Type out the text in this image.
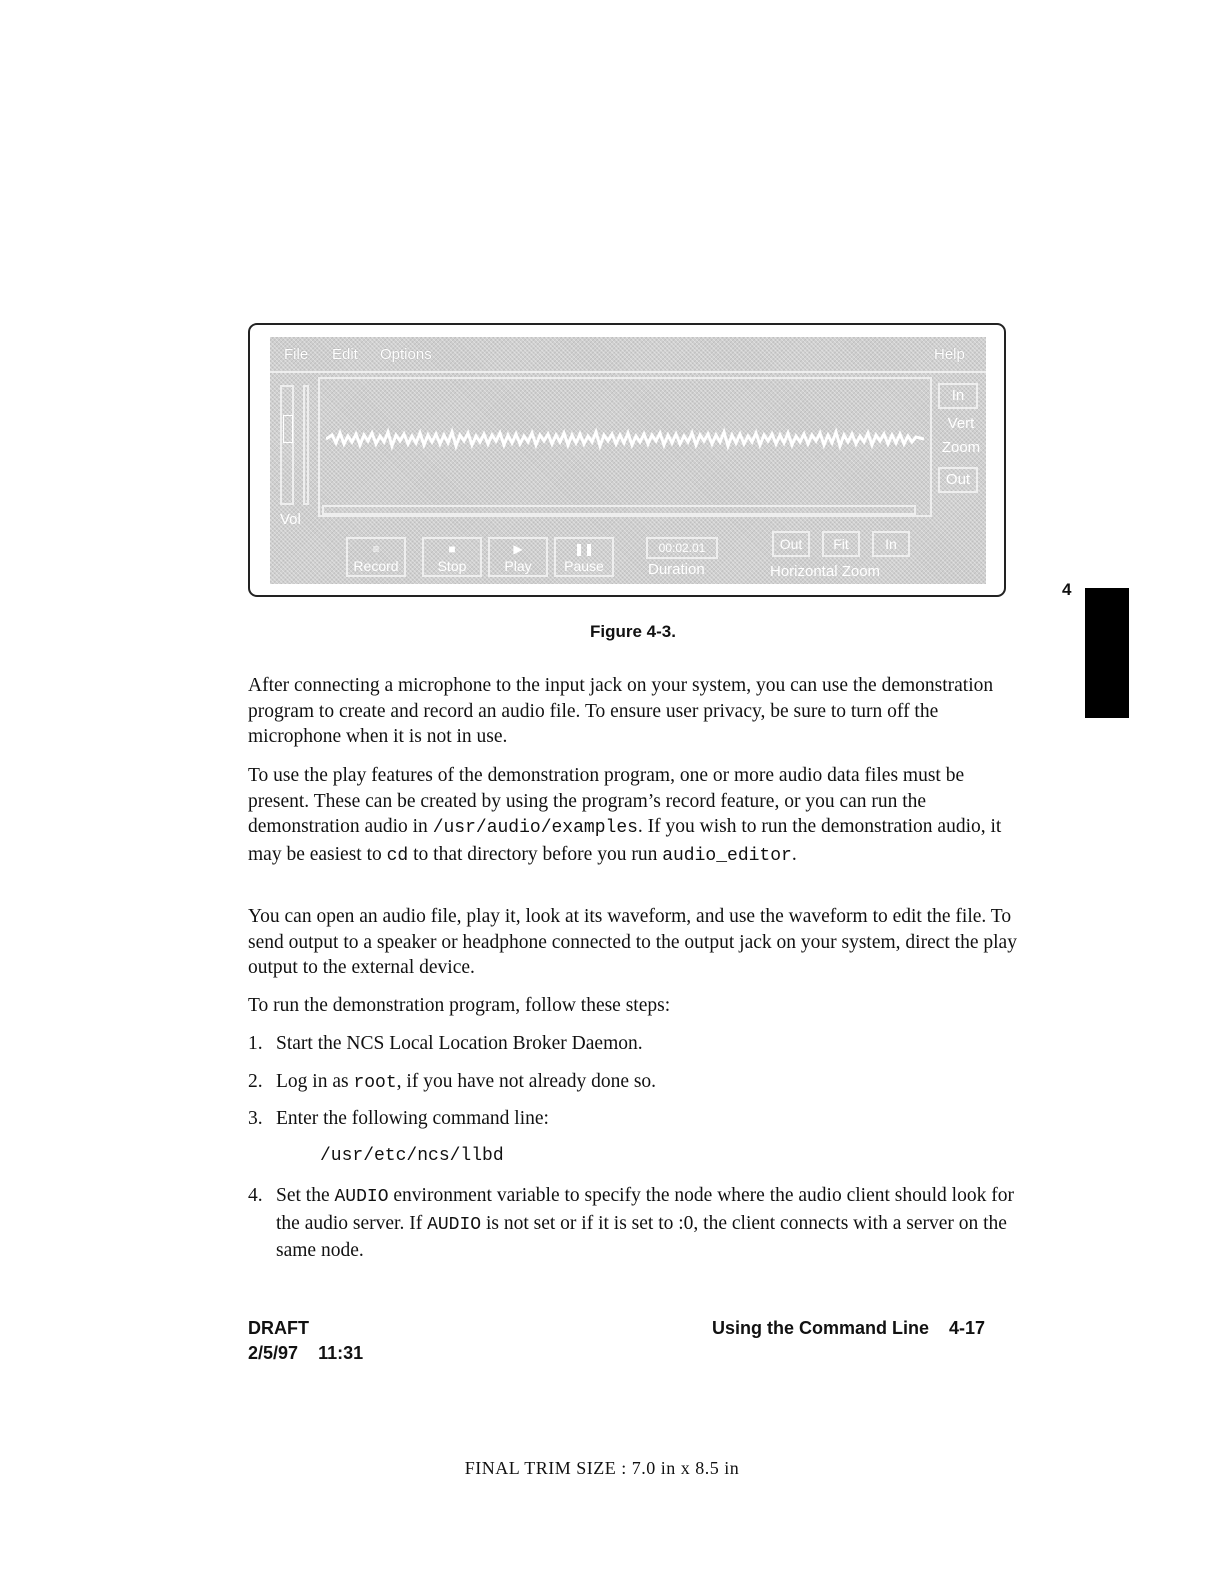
File Edit Options	Help
Vol
In
Vert
Zoom
Out
≡
Record
■
Stop
▶
Play
❚❚
Pause
00:02.01
Duration
Out	Fit	In
Horizontal Zoom
Figure 4-3.
4

After connecting a microphone to the input jack on your system, you can use the demonstration program to create and record an audio file. To ensure user privacy, be sure to turn off the microphone when it is not in use.

To use the play features of the demonstration program, one or more audio data files must be present. These can be created by using the program’s record feature, or you can run the demonstration audio in /usr/audio/examples. If you wish to run the demonstration audio, it may be easiest to cd to that directory before you run audio_editor.

You can open an audio file, play it, look at its waveform, and use the waveform to edit the file. To send output to a speaker or headphone connected to the output jack on your system, direct the play output to the external device.

To run the demonstration program, follow these steps:

1. Start the NCS Local Location Broker Daemon.
2. Log in as root, if you have not already done so.
3. Enter the following command line:
/usr/etc/ncs/llbd
4. Set the AUDIO environment variable to specify the node where the audio client should look for the audio server. If AUDIO is not set or if it is set to :0, the client connects with a server on the same node.
DRAFT
2/5/97 11:31
Using the Command Line 4-17
FINAL TRIM SIZE : 7.0 in x 8.5 in
